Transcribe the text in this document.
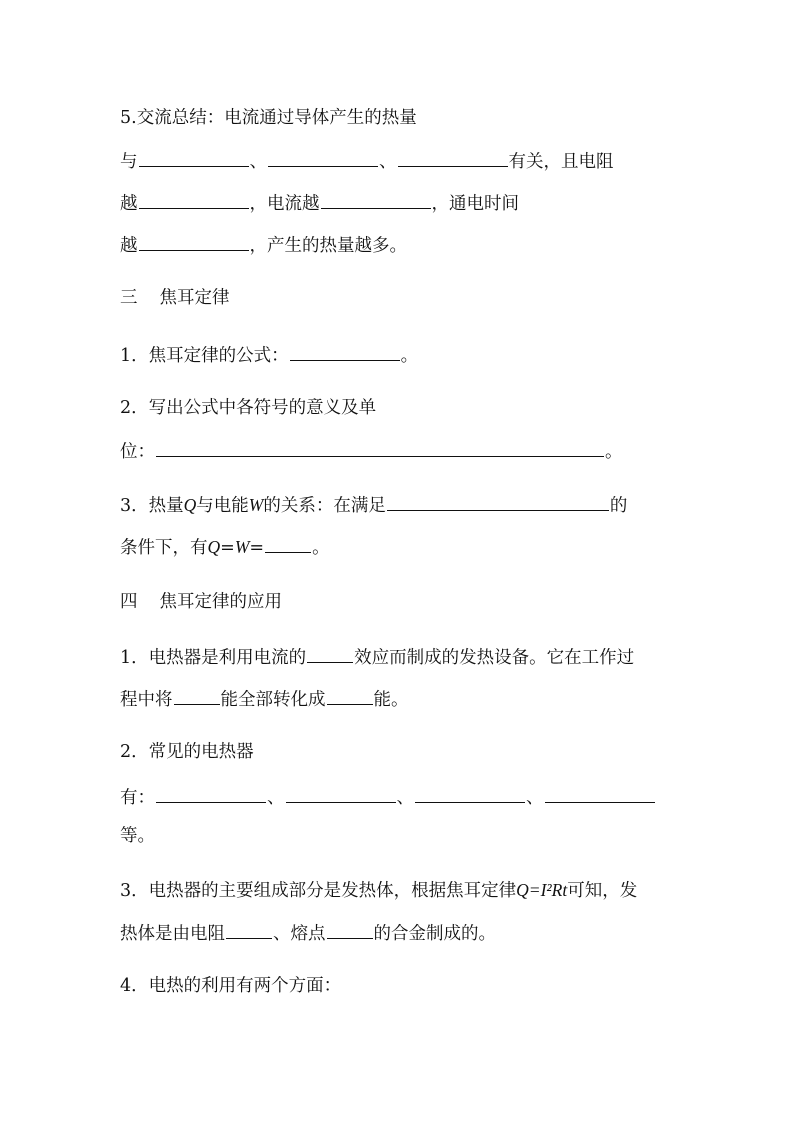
5.交流总结：电流通过导体产生的热量
与	、	、	有关，且电阻
越	，电流越	，通电时间
越	，产生的热量越多。
三 焦耳定律
1．焦耳定律的公式：	。
2．写出公式中各符号的意义及单
位：	。
3．热量Q与电能W的关系：在满足	的
条件下，有Q=W=	。
四 焦耳定律的应用
1．电热器是利用电流的	效应而制成的发热设备。它在工作过
程中将	能全部转化成	能。
2．常见的电热器
有：	、	、	、
等。
3．电热器的主要组成部分是发热体，根据焦耳定律Q=I²Rt可知，发
热体是由电阻	、熔点	的合金制成的。
4．电热的利用有两个方面：
